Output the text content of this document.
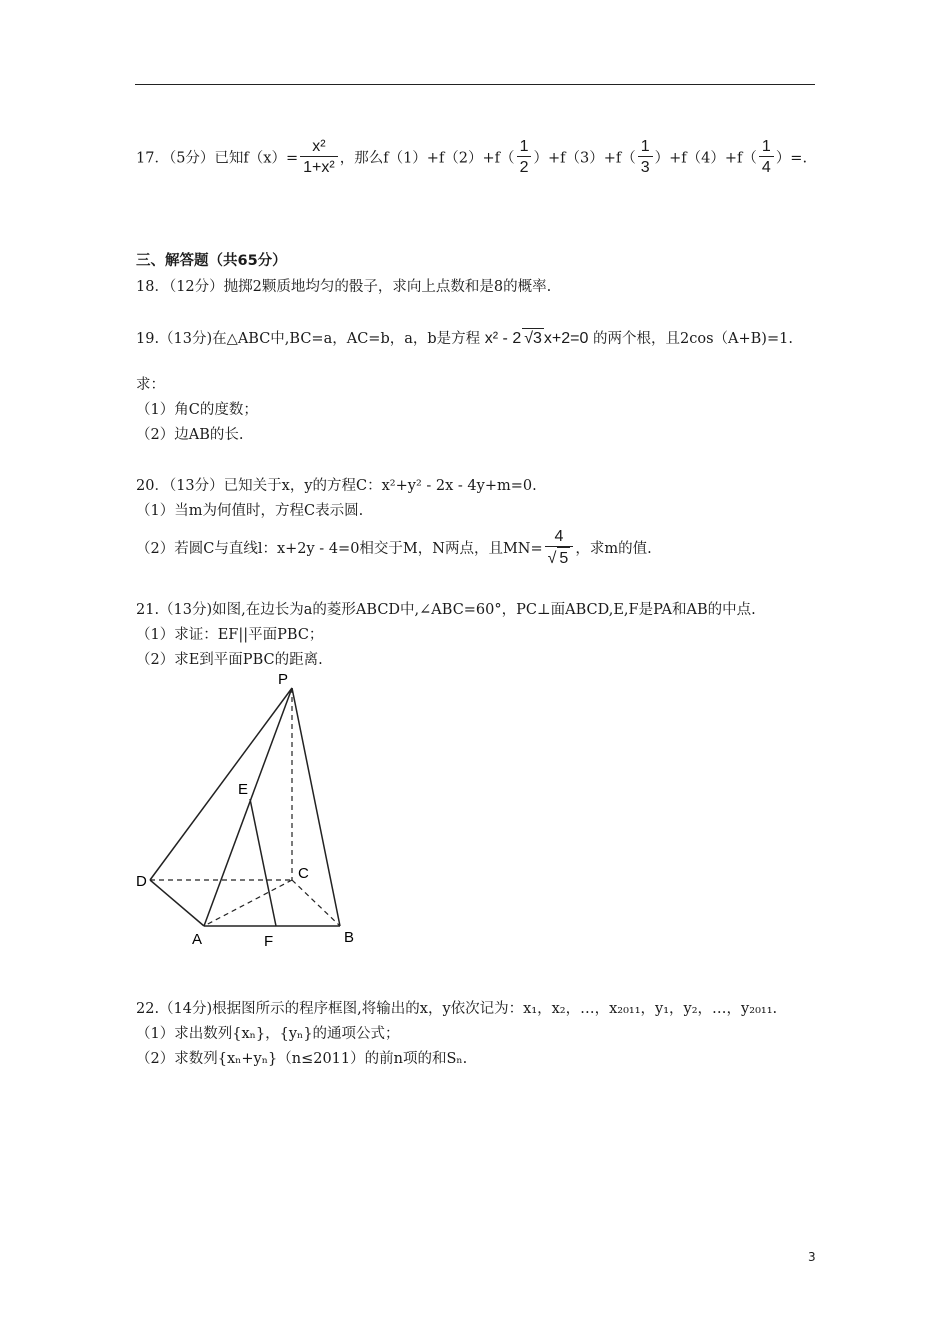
17．（5分）已知$f(x)= \frac{\text{x²}}{\text{1+x²}}$ ，那么$f(1)+f(2)+f( \frac{1}{2} )+f(3)+f( \frac{1}{3} )+f(4)+f( \frac{1}{4}$ ）=.
三、解答题（共65分）
18．（12分）抛掷2颗质地均匀的骰子，求向上点数和是8的概率.
19.（13分)在△ABC中,BC=a，AC=b，a，b是方程 x² - 2 √3 x+2=0 的两个根，且2cos（A+B)=1.
求：
（1）角C的度数；
（2）边AB的长.
20．（13分）已知关于x，y的方程C：x²+y² - 2x - 4y+m=0.
（1）当m为何值时，方程C表示圆.
（2）若圆C与直线l：x+2y - 4=0相交于M，N两点，且$MN= \frac{4}{√ 5}$ ，求m的值.
21.（13分)如图,在边长为a的菱形ABCD中,∠ABC=60°，PC⊥面ABCD,E,F是PA和AB的中点.
（1）求证：EF||平面PBC；
（2）求E到平面PBC的距离.
P
E
D	C
A	F	B
22.（14分)根据图所示的程序框图,将输出的x，y依次记为：x₁，x₂，…，x₂₀₁₁，y₁，y₂，…，y₂₀₁₁.
（1）求出数列{xₙ}，{yₙ}的通项公式；
（2）求数列{xₙ+yₙ}（n≤2011）的前n项的和Sₙ.
3
